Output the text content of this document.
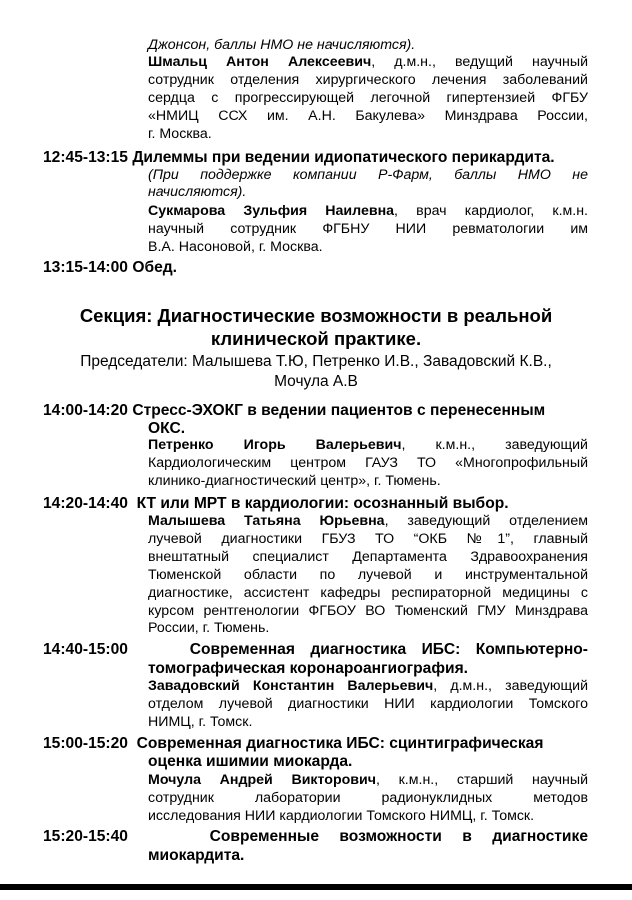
Джонсон, баллы НМО не начисляются).
Шмальц Антон Алексеевич, д.м.н., ведущий научный
сотрудник отделения хирургического лечения заболеваний
сердца с прогрессирующей легочной гипертензией ФГБУ
«НМИЦ ССХ им. А.Н. Бакулева» Минздрава России,
г. Москва.
12:45-13:15 Дилеммы при ведении идиопатического перикардита.
(При поддержке компании Р-Фарм, баллы НМО не
начисляются).
Сукмарова Зульфия Наилевна, врач кардиолог, к.м.н.
научный сотрудник ФГБНУ НИИ ревматологии им
В.А. Насоновой, г. Москва.
13:15-14:00 Обед.
Секция: Диагностические возможности в реальной
клинической практике.
Председатели: Малышева Т.Ю, Петренко И.В., Завадовский К.В.,
Мочула А.В
14:00-14:20 Стресс-ЭХОКГ в ведении пациентов с перенесенным
ОКС.
Петренко Игорь Валерьевич, к.м.н., заведующий
Кардиологическим центром ГАУЗ ТО «Многопрофильный
клинико-диагностический центр», г. Тюмень.
14:20-14:40 КТ или МРТ в кардиологии: осознанный выбор.
Малышева Татьяна Юрьевна, заведующий отделением
лучевой диагностики ГБУЗ ТО “ОКБ №1”, главный
внештатный специалист Департамента Здравоохранения
Тюменской области по лучевой и инструментальной
диагностике, ассистент кафедры респираторной медицины с
курсом рентгенологии ФГБОУ ВО Тюменский ГМУ Минздрава
России, г. Тюмень.
14:40-15:00	Современная диагностика ИБС: Компьютерно-
томографическая коронароангиография.
Завадовский Константин Валерьевич, д.м.н., заведующий
отделом лучевой диагностики НИИ кардиологии Томского
НИМЦ, г. Томск.
15:00-15:20 Современная диагностика ИБС: сцинтиграфическая
оценка ишимии миокарда.
Мочула Андрей Викторович, к.м.н., старший научный
сотрудник лаборатории радионуклидных методов
исследования НИИ кардиологии Томского НИМЦ, г. Томск.
15:20-15:40	Современные возможности в диагностике
миокардита.
